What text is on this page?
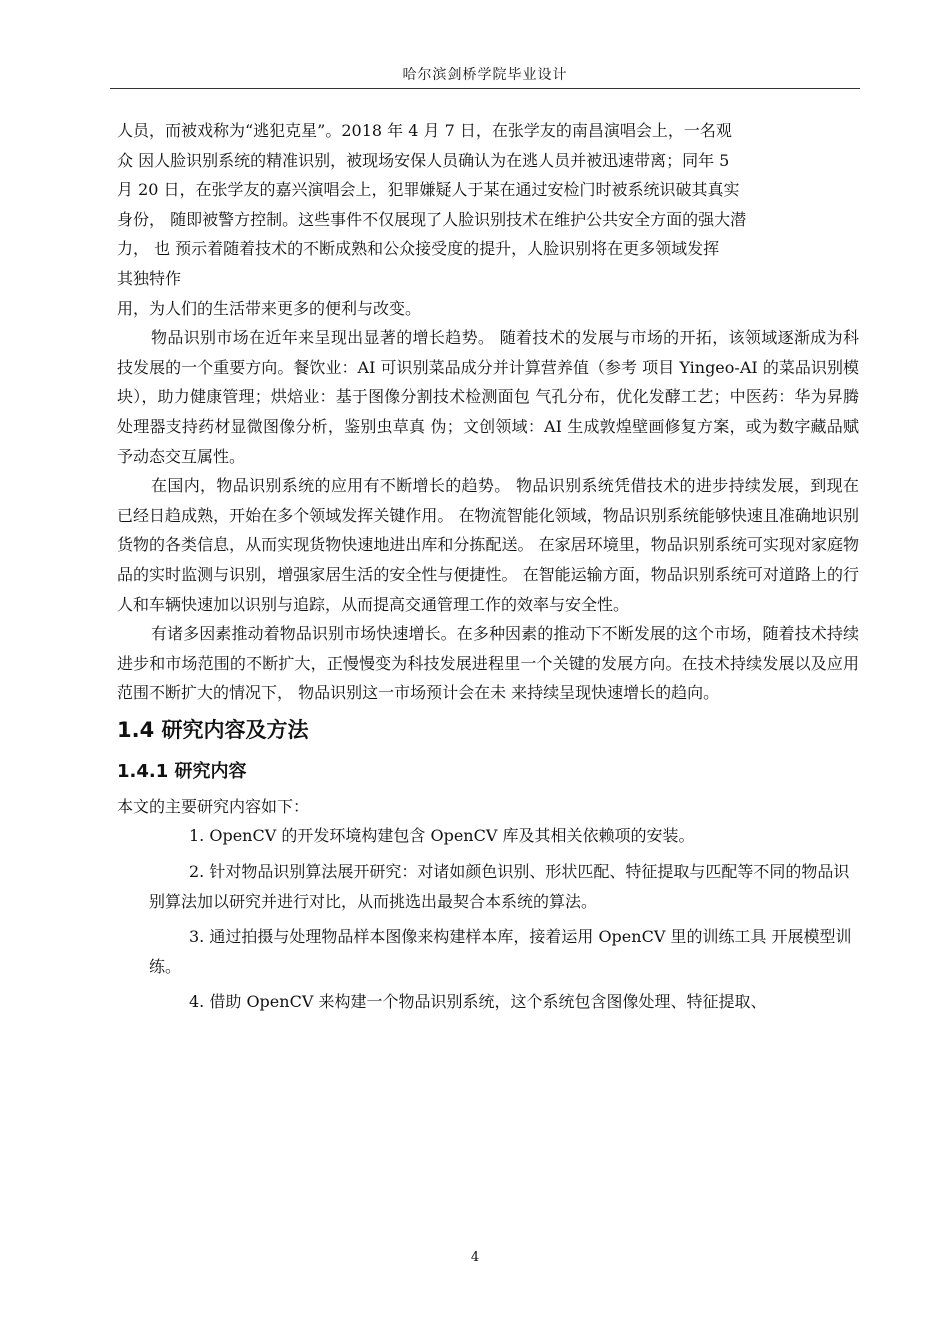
哈尔滨剑桥学院毕业设计

人员，而被戏称为“逃犯克星”。2018 年 4 月 7 日，在张学友的南昌演唱会上，一名观

众 因人脸识别系统的精准识别，被现场安保人员确认为在逃人员并被迅速带离；同年 5

月 20 日，在张学友的嘉兴演唱会上，犯罪嫌疑人于某在通过安检门时被系统识破其真实

身份， 随即被警方控制。这些事件不仅展现了人脸识别技术在维护公共安全方面的强大潜

力， 也 预示着随着技术的不断成熟和公众接受度的提升，人脸识别将在更多领域发挥

其独特作

用，为人们的生活带来更多的便利与改变。

物品识别市场在近年来呈现出显著的增长趋势。 随着技术的发展与市场的开拓，该领域逐渐成为科技发展的一个重要方向。餐饮业：AI 可识别菜品成分并计算营养值（参考 项目 Yingeo-AI 的菜品识别模块），助力健康管理；烘焙业：基于图像分割技术检测面包 气孔分布，优化发酵工艺；中医药：华为昇腾处理器支持药材显微图像分析，鉴别虫草真 伪；文创领域：AI 生成敦煌壁画修复方案，或为数字藏品赋予动态交互属性。

在国内，物品识别系统的应用有不断增长的趋势。 物品识别系统凭借技术的进步持续发展，到现在已经日趋成熟，开始在多个领域发挥关键作用。 在物流智能化领域，物品识别系统能够快速且准确地识别货物的各类信息，从而实现货物快速地进出库和分拣配送。 在家居环境里，物品识别系统可实现对家庭物品的实时监测与识别，增强家居生活的安全性与便捷性。 在智能运输方面，物品识别系统可对道路上的行人和车辆快速加以识别与追踪，从而提高交通管理工作的效率与安全性。

有诸多因素推动着物品识别市场快速增长。在多种因素的推动下不断发展的这个市场，随着技术持续进步和市场范围的不断扩大，正慢慢变为科技发展进程里一个关键的发展方向。在技术持续发展以及应用范围不断扩大的情况下， 物品识别这一市场预计会在未 来持续呈现快速增长的趋向。

1.4 研究内容及方法
1.4.1 研究内容

本文的主要研究内容如下：

1. OpenCV 的开发环境构建包含 OpenCV 库及其相关依赖项的安装。

2. 针对物品识别算法展开研究：对诸如颜色识别、形状匹配、特征提取与匹配等不同的物品识别算法加以研究并进行对比，从而挑选出最契合本系统的算法。

3. 通过拍摄与处理物品样本图像来构建样本库，接着运用 OpenCV 里的训练工具 开展模型训练。

4. 借助 OpenCV 来构建一个物品识别系统，这个系统包含图像处理、特征提取、

4
